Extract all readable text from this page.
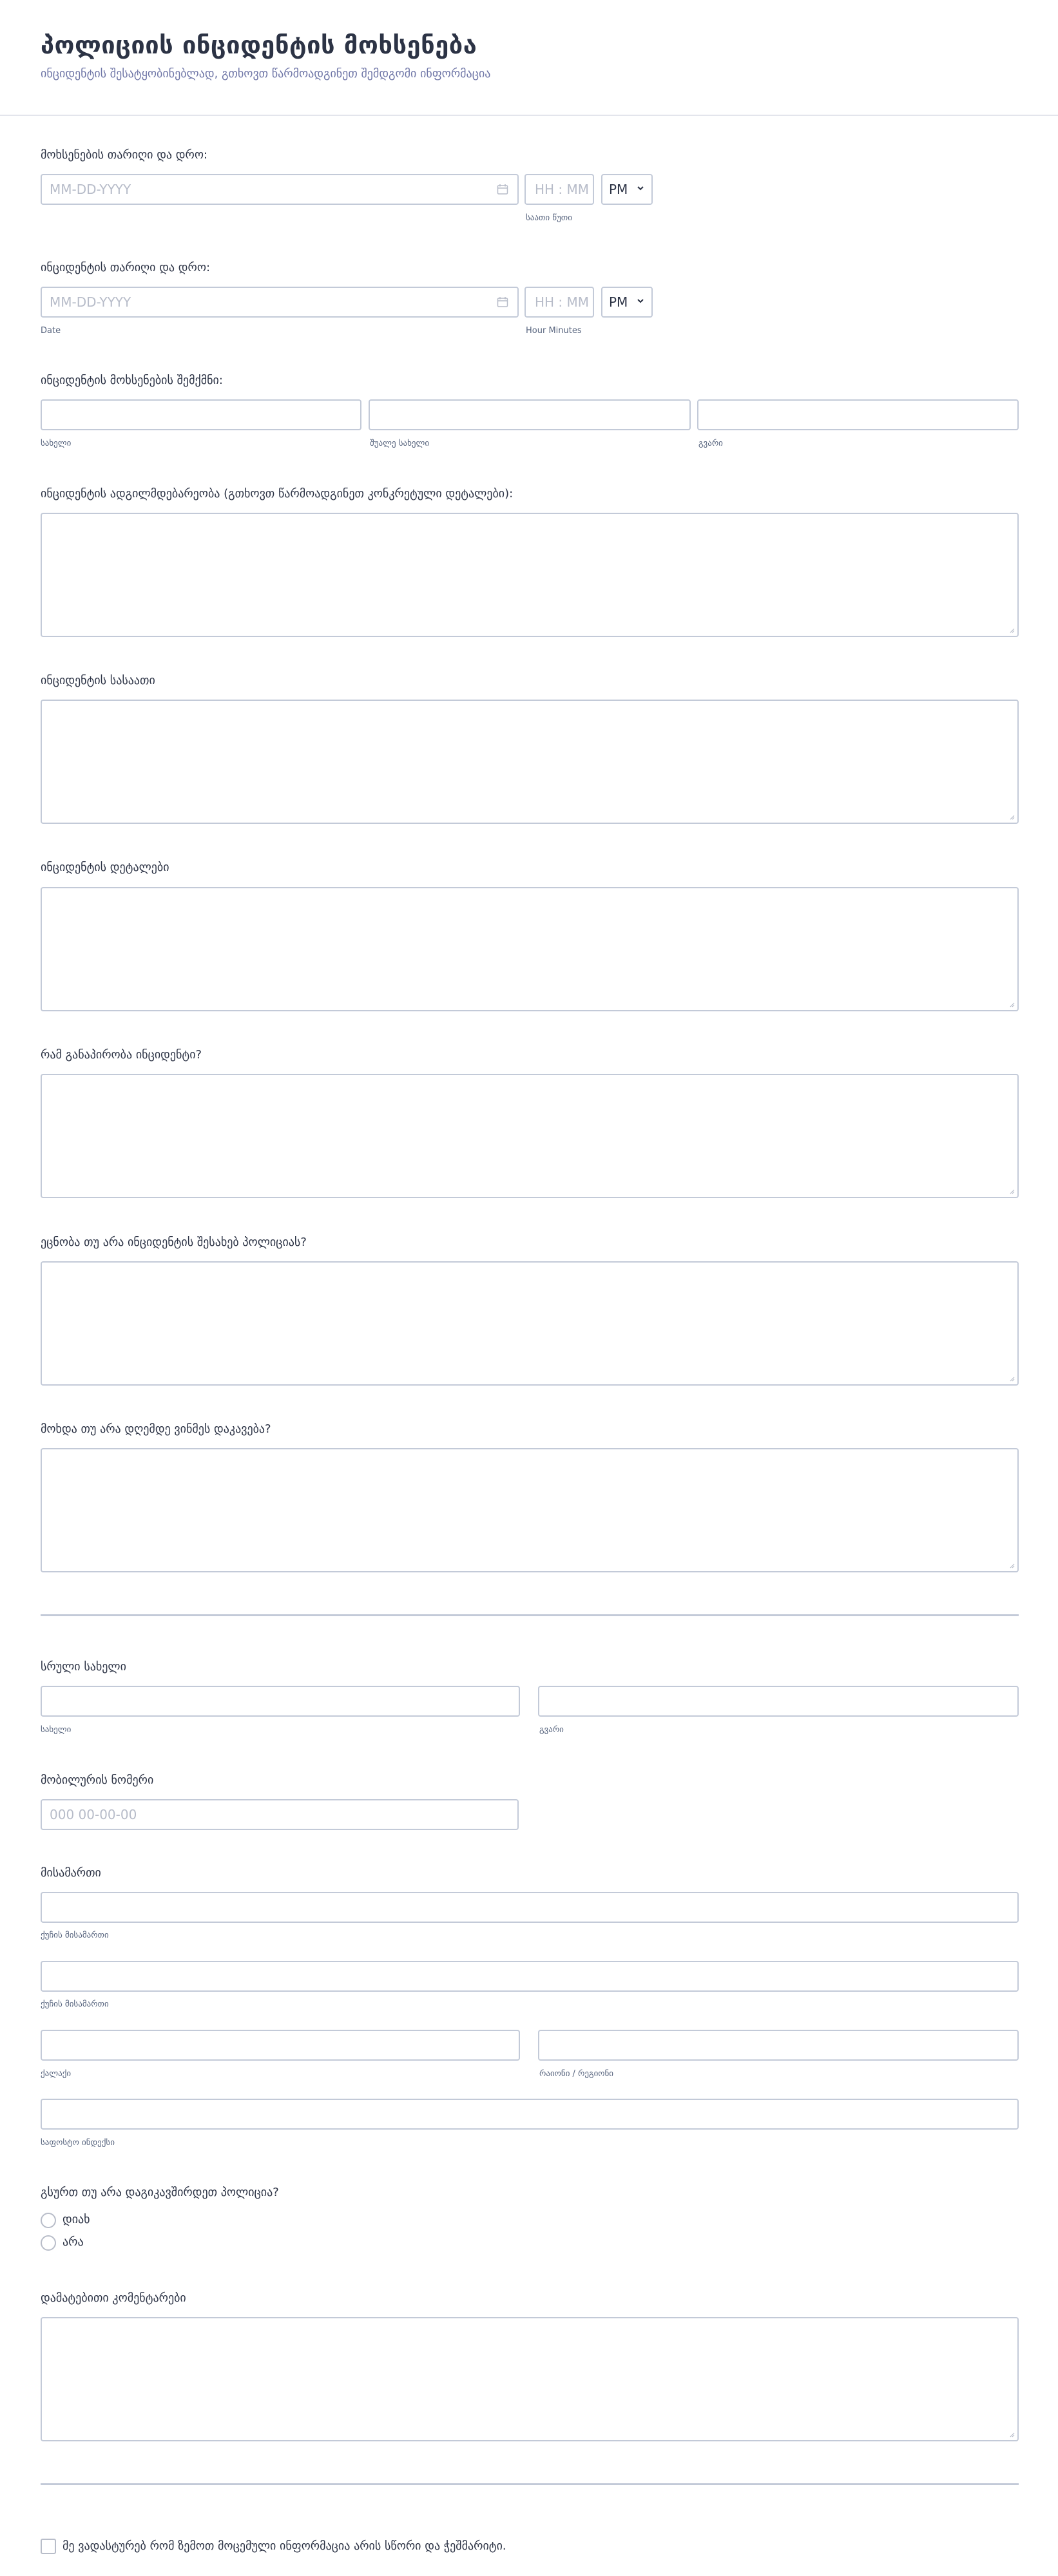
პოლიციის ინციდენტის მოხსენება
ინციდენტის შესატყობინებლად, გთხოვთ წარმოადგინეთ შემდგომი ინფორმაცია
მოხსენების თარიღი და დრო:
MM-DD-YYYY	HH : MM PM
საათი წუთი
ინციდენტის თარიღი და დრო:
MM-DD-YYYY	HH : MM PM
Date	Hour Minutes
ინციდენტის მოხსენების შემქმნი:
სახელი	შუალე სახელი	გვარი
ინციდენტის ადგილმდებარეობა (გთხოვთ წარმოადგინეთ კონკრეტული დეტალები):
ინციდენტის სასაათი
ინციდენტის დეტალები
რამ განაპირობა ინციდენტი?
ეცნობა თუ არა ინციდენტის შესახებ პოლიციას?
მოხდა თუ არა დღემდე ვინმეს დაკავება?
სრული სახელი
სახელი	გვარი
მობილურის ნომერი
000 00-00-00
მისამართი
ქუჩის მისამართი
ქუჩის მისამართი
ქალაქი	რაიონი / რეგიონი
საფოსტო ინდექსი
გსურთ თუ არა დაგიკავშირდეთ პოლიცია?
დიახ
არა
დამატებითი კომენტარები
მე ვადასტურებ რომ ზემოთ მოცემული ინფორმაცია არის სწორი და ჭეშმარიტი.
